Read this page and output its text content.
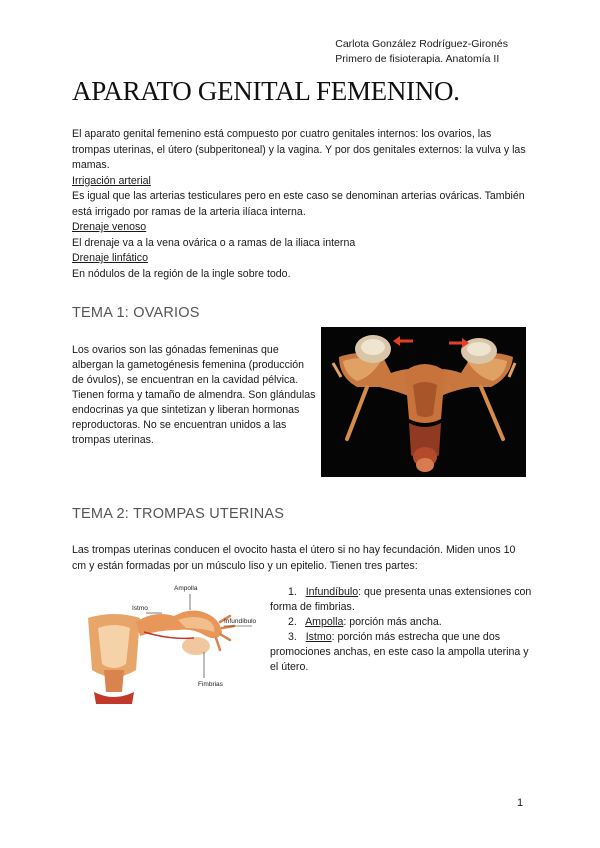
Carlota González Rodríguez-Gironés
Primero de fisioterapia. Anatomía II
APARATO GENITAL FEMENINO.
El aparato genital femenino está compuesto por cuatro genitales internos: los ovarios, las trompas uterinas, el útero (subperitoneal) y la vagina. Y por dos genitales externos: la vulva y las mamas.
Irrigación arterial
Es igual que las arterias testiculares pero en este caso se denominan arterias ováricas. También está irrigado por ramas de la arteria ilíaca interna.
Drenaje venoso
El drenaje va a la vena ovárica o a ramas de la iliaca interna
Drenaje linfático
En nódulos de la región de la ingle sobre todo.
TEMA 1: OVARIOS
Los ovarios son las gónadas femeninas que albergan la gametogénesis femenina (producción de óvulos), se encuentran en la cavidad pélvica. Tienen forma y tamaño de almendra. Son glándulas endocrinas ya que sintetizan y liberan hormonas reproductoras. No se encuentran unidos a las trompas uterinas.
TEMA 2: TROMPAS UTERINAS
Las trompas uterinas conducen el ovocito hasta el útero si no hay fecundación. Miden unos 10 cm y están formadas por un músculo liso y un epitelio. Tienen tres partes:
Ampolla
Istmo
Infundíbulo
Fimbrias
1. Infundíbulo: que presenta unas extensiones con forma de fimbrias.
2. Ampolla: porción más ancha.
3. Istmo: porción más estrecha que une dos promociones anchas, en este caso la ampolla uterina y el útero.
1
